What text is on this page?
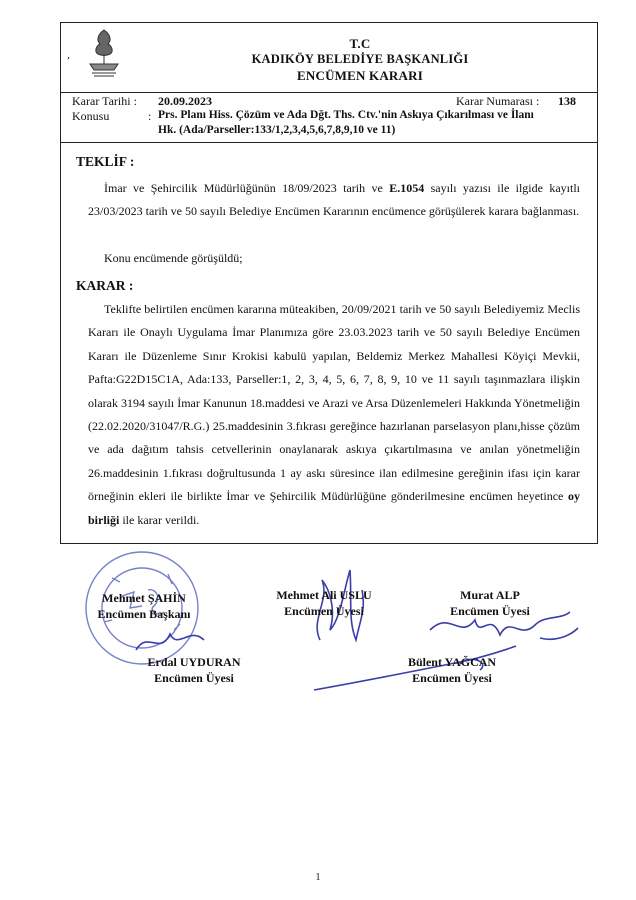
,
T.C
KADIKÖY BELEDİYE BAŞKANLIĞI
ENCÜMEN KARARI
Karar Tarihi : 20.09.2023	Karar Numarası : 138
Konusu	: Prs. Planı Hiss. Çözüm ve Ada Dğt. Ths. Ctv.'nin Askıya Çıkarılması ve İlanı
Hk. (Ada/Parseller:133/1,2,3,4,5,6,7,8,9,10 ve 11)
TEKLİF :
İmar ve Şehircilik Müdürlüğünün 18/09/2023 tarih ve E.1054 sayılı yazısı ile ilgide kayıtlı 23/03/2023 tarih ve 50 sayılı Belediye Encümen Kararının encümence görüşülerek karara bağlanması.
Konu encümende görüşüldü;
KARAR :
Teklifte belirtilen encümen kararına müteakiben, 20/09/2021 tarih ve 50 sayılı Belediyemiz Meclis Kararı ile Onaylı Uygulama İmar Planımıza göre 23.03.2023 tarih ve 50 sayılı Belediye Encümen Kararı ile Düzenleme Sınır Krokisi kabulü yapılan, Beldemiz Merkez Mahallesi Köyiçi Mevkii, Pafta:G22D15C1A, Ada:133, Parseller:1, 2, 3, 4, 5, 6, 7, 8, 9, 10 ve 11 sayılı taşınmazlara ilişkin olarak 3194 sayılı İmar Kanunun 18.maddesi ve Arazi ve Arsa Düzenlemeleri Hakkında Yönetmeliğin (22.02.2020/31047/R.G.) 25.maddesinin 3.fıkrası gereğince hazırlanan parselasyon planı,hisse çözüm ve ada dağıtım tahsis cetvellerinin onaylanarak askıya çıkartılmasına ve anılan yönetmeliğin 26.maddesinin 1.fıkrası doğrultusunda 1 ay askı süresince ilan edilmesine gereğinin ifası için karar örneğinin ekleri ile birlikte İmar ve Şehircilik Müdürlüğüne gönderilmesine encümen heyetince oy birliği ile karar verildi.
Mehmet ŞAHİN
Encümen Başkanı
Mehmet Ali USLU
Encümen Üyesi
Murat ALP
Encümen Üyesi
Erdal UYDURAN
Encümen Üyesi
Bülent YAĞCAN
Encümen Üyesi
1
